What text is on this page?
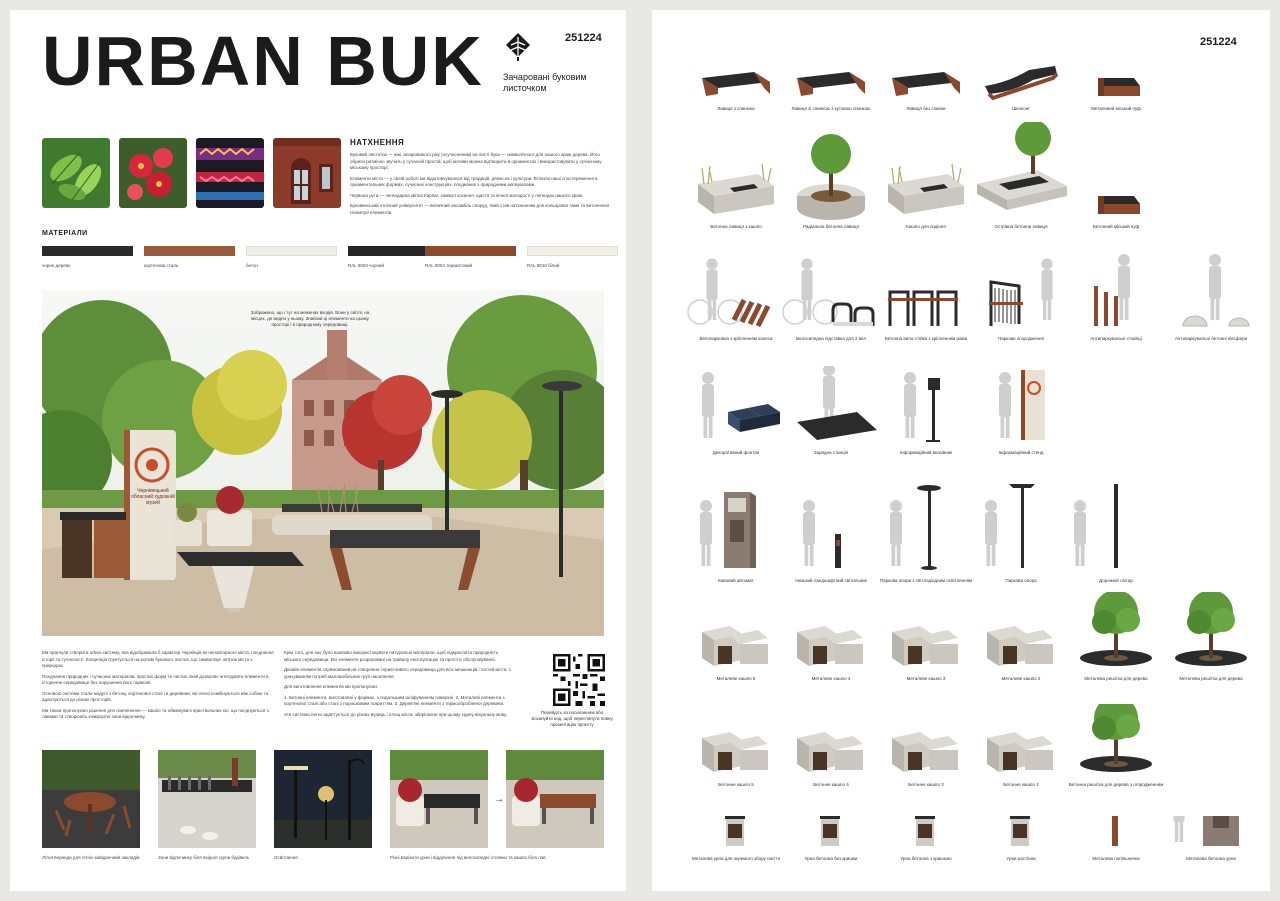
URBAN BUK Зачаровані буковим листочком
251224
НАТХНЕННЯ

Буковий листочок — ніжі зачарованого ріку (осучасненим) на листі бука — символічного для нашого краю дерева. Його обриси ритмічно звучать у сучасній простій, щоб мотиви можна відтворити в орнаментах і використовувати у сучасному міському просторі.

Елементи міста — у своїй роботі ми відштовхувалися від традицій, ремесла і культури. Втілили наші спостереження в орнаментальних формах, сучасних конструкціях, поєднаних з природними матеріалами.

Червона рута — легендарна квітка Карпат, символ кохання, щастя та вічної молодості у легендах нашого краю.

Буковинський етнічний університет — величний ансамбль споруд, який став натхненням для кольорової гами та витонченої геометрії елементів.

МАТЕРІАЛИ
чорне дерево	кортенова сталь	бетон	RAL 9004 чорний	RAL 8004 теракотовий	RAL 9010 білий
Чернівецький обласний художній музей
Зображено, що і тут на меженах входів. Вони у світлі, на місцях, де видно у ньому. Знайомі ці елементи на цьому просторі і в природному середовищі.

Ми прагнули створити urban-систему, яка відображала б характер Чернівців як неповторного міста, поєднання історії та сучасності. Концепція ґрунтується на мотиві букового листка, що символізує зв'язок міста з природою.

Поєднання природних і сучасних матеріалів, простих форм та чистих ліній дозволяє інтегрувати елементи в історичне середовище без порушення його гармонії.

Основою системи стали модулі з бетону, кортенової сталі та деревини, які легко комбінуються між собою та адаптуються до різних просторів.

Ми також пропонуємо рішення для озеленення — кашпо та обмежувачі приствольних кіл, що поєднуються з лавами та створюють комфортні зони відпочинку.

Крім того, для нас було важливо використовувати натуральні матеріали, щоб підкреслити природність міського середовища. Всі елементи розраховані на тривалу експлуатацію та прості в обслуговуванні.

Дизайн елементів спрямований на створення сприятливого середовища для всіх мешканців і гостей міста, з урахуванням потреб маломобільних груп населення.

Для виготовлення елементів ми пропонуємо:

1. Бетонні елементи, виготовлені у формах, з подальшим шліфуванням поверхні. 2. Металеві елементи з кортенової сталі або сталі з порошковим покриттям. 3. Дерев'яні елементи з термообробленої деревини.

Уся система легко адаптується до різних вулиць і площ міста, зберігаючи при цьому єдину візуальну мову.	Перейдіть за посиланням або зіскануйте код, щоб переглянути повну презентацію проєкту
→
Літня веранда для літніх майданчиків закладів	Зони відпочинку біля вхідної групи будівель	Освітлення	Різні варіанти урни і відділення під велосипедні стоянки та кашпо біля лав
251224
Лавиця з спинкою	Лавиця зі спинкою з кутовою спинкою	Лавиця без спинки	Шезлонг	Металевий міський пуф
Бетонна лавиця з кашпо	Радіальна бетонна лавиця	Кашпо для сидіння	Острівна бетонна лавиця	Бетонний міський пуф
Велопарковка з кріпленням колеса	Велосипедна підставка для 2 вел	Бетонна вело-стійка з кріпленням рами	Паркове огородження	Антипаркувальні стовпці	Антипаркувальні бетонні півсфери
Декоративний фонтан	Зарядна станція	Інформаційний вказівник	Інформаційний стенд
Кавовий автомат	Низький ландшафтний світильник	Паркова опора з світлодіодним освітленням	Паркова опора	Дорожній ліхтар
Металеве кашпо 5	Металеве кашпо 4	Металеве кашпо 3	Металеве кашпо 2	Металева решітка для дерева	Металева решітка для дерева
Бетонне кашпо 5	Бетонне кашпо 4	Бетонне кашпо 3	Бетонне кашпо 2	Бетонна решітка для дерева з огородженням
Металева урна для окремого збору сміття	Урна бетонна без кришки	Урна бетонна з кришкою	Урна настінна	Металева попільничка	Металева бетонна урна
